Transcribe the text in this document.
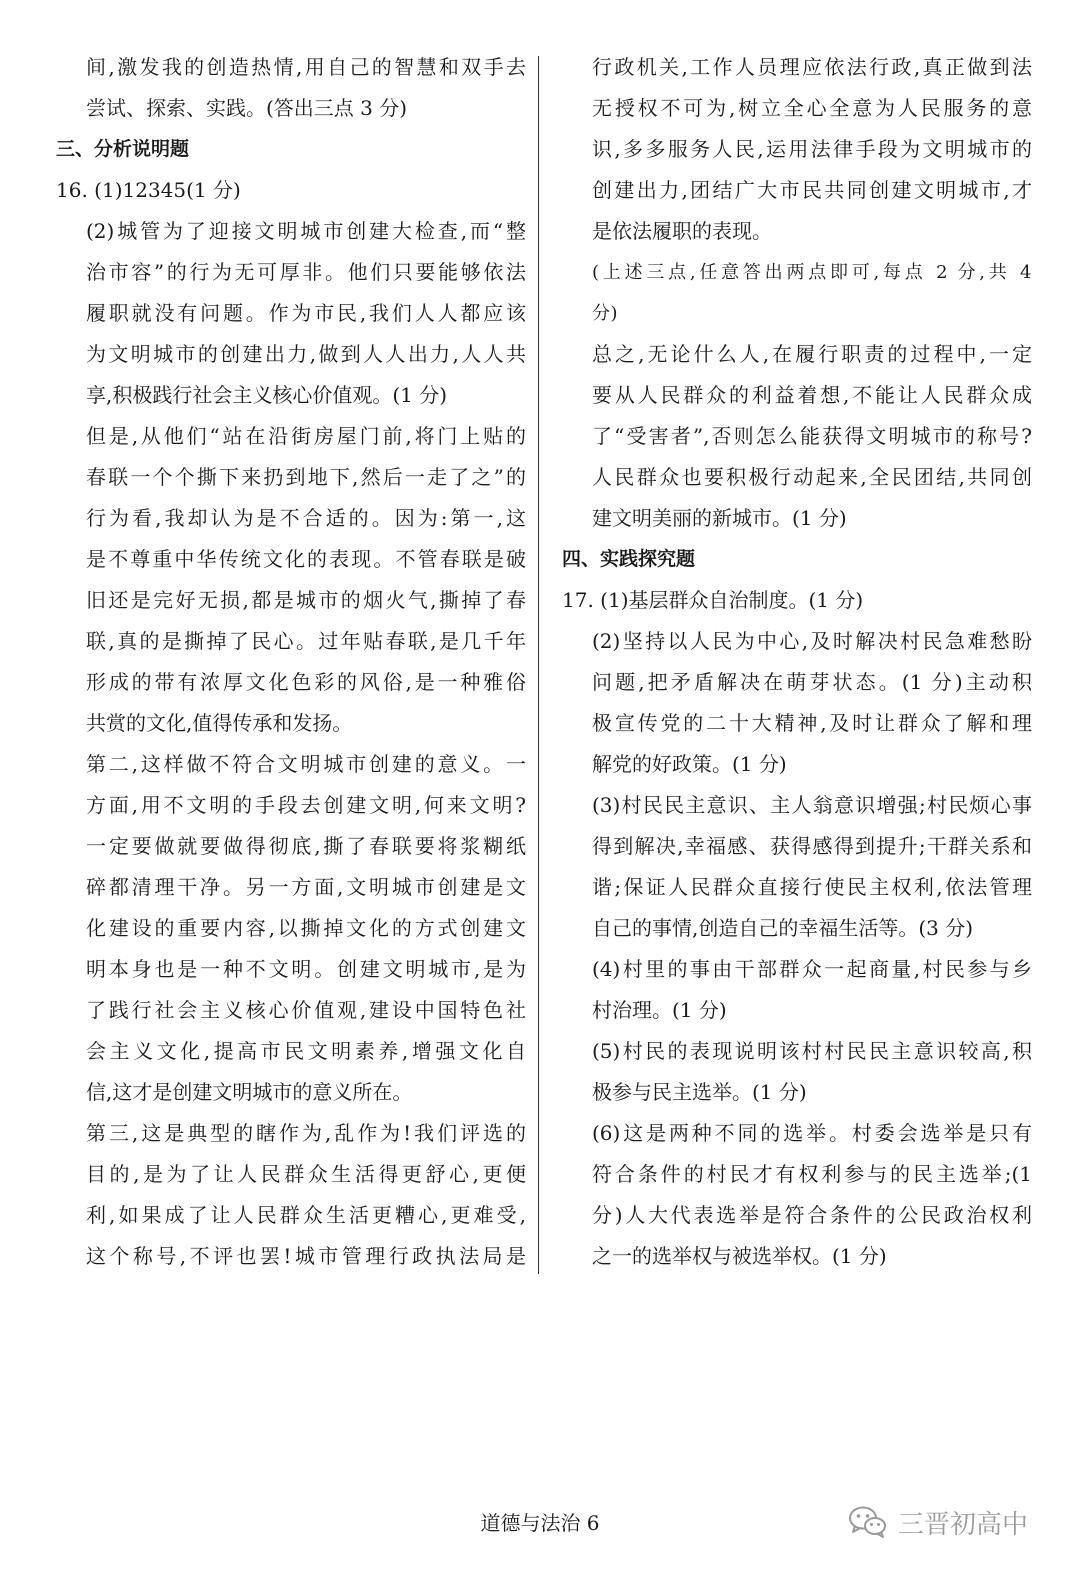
间,激发我的创造热情,用自己的智慧和双手去
尝试、探索、实践。(答出三点 3 分)
三、分析说明题
16. (1)12345(1 分)
(2)城管为了迎接文明城市创建大检查,而“整
治市容”的行为无可厚非。他们只要能够依法
履职就没有问题。作为市民,我们人人都应该
为文明城市的创建出力,做到人人出力,人人共
享,积极践行社会主义核心价值观。(1 分)
但是,从他们“站在沿街房屋门前,将门上贴的
春联一个个撕下来扔到地下,然后一走了之”的
行为看,我却认为是不合适的。因为:第一,这
是不尊重中华传统文化的表现。不管春联是破
旧还是完好无损,都是城市的烟火气,撕掉了春
联,真的是撕掉了民心。过年贴春联,是几千年
形成的带有浓厚文化色彩的风俗,是一种雅俗
共赏的文化,值得传承和发扬。
第二,这样做不符合文明城市创建的意义。一
方面,用不文明的手段去创建文明,何来文明?
一定要做就要做得彻底,撕了春联要将浆糊纸
碎都清理干净。另一方面,文明城市创建是文
化建设的重要内容,以撕掉文化的方式创建文
明本身也是一种不文明。创建文明城市,是为
了践行社会主义核心价值观,建设中国特色社
会主义文化,提高市民文明素养,增强文化自
信,这才是创建文明城市的意义所在。
第三,这是典型的瞎作为,乱作为!我们评选的
目的,是为了让人民群众生活得更舒心,更便
利,如果成了让人民群众生活更糟心,更难受,
这个称号,不评也罢!城市管理行政执法局是
行政机关,工作人员理应依法行政,真正做到法
无授权不可为,树立全心全意为人民服务的意
识,多多服务人民,运用法律手段为文明城市的
创建出力,团结广大市民共同创建文明城市,才
是依法履职的表现。
(上述三点,任意答出两点即可,每点 2 分,共 4
分)
总之,无论什么人,在履行职责的过程中,一定
要从人民群众的利益着想,不能让人民群众成
了“受害者”,否则怎么能获得文明城市的称号?
人民群众也要积极行动起来,全民团结,共同创
建文明美丽的新城市。(1 分)
四、实践探究题
17. (1)基层群众自治制度。(1 分)
(2)坚持以人民为中心,及时解决村民急难愁盼
问题,把矛盾解决在萌芽状态。(1 分)主动积
极宣传党的二十大精神,及时让群众了解和理
解党的好政策。(1 分)
(3)村民民主意识、主人翁意识增强;村民烦心事
得到解决,幸福感、获得感得到提升;干群关系和
谐;保证人民群众直接行使民主权利,依法管理
自己的事情,创造自己的幸福生活等。(3 分)
(4)村里的事由干部群众一起商量,村民参与乡
村治理。(1 分)
(5)村民的表现说明该村村民民主意识较高,积
极参与民主选举。(1 分)
(6)这是两种不同的选举。村委会选举是只有
符合条件的村民才有权利参与的民主选举;(1
分)人大代表选举是符合条件的公民政治权利
之一的选举权与被选举权。(1 分)
道德与法治 6	三晋初高中
